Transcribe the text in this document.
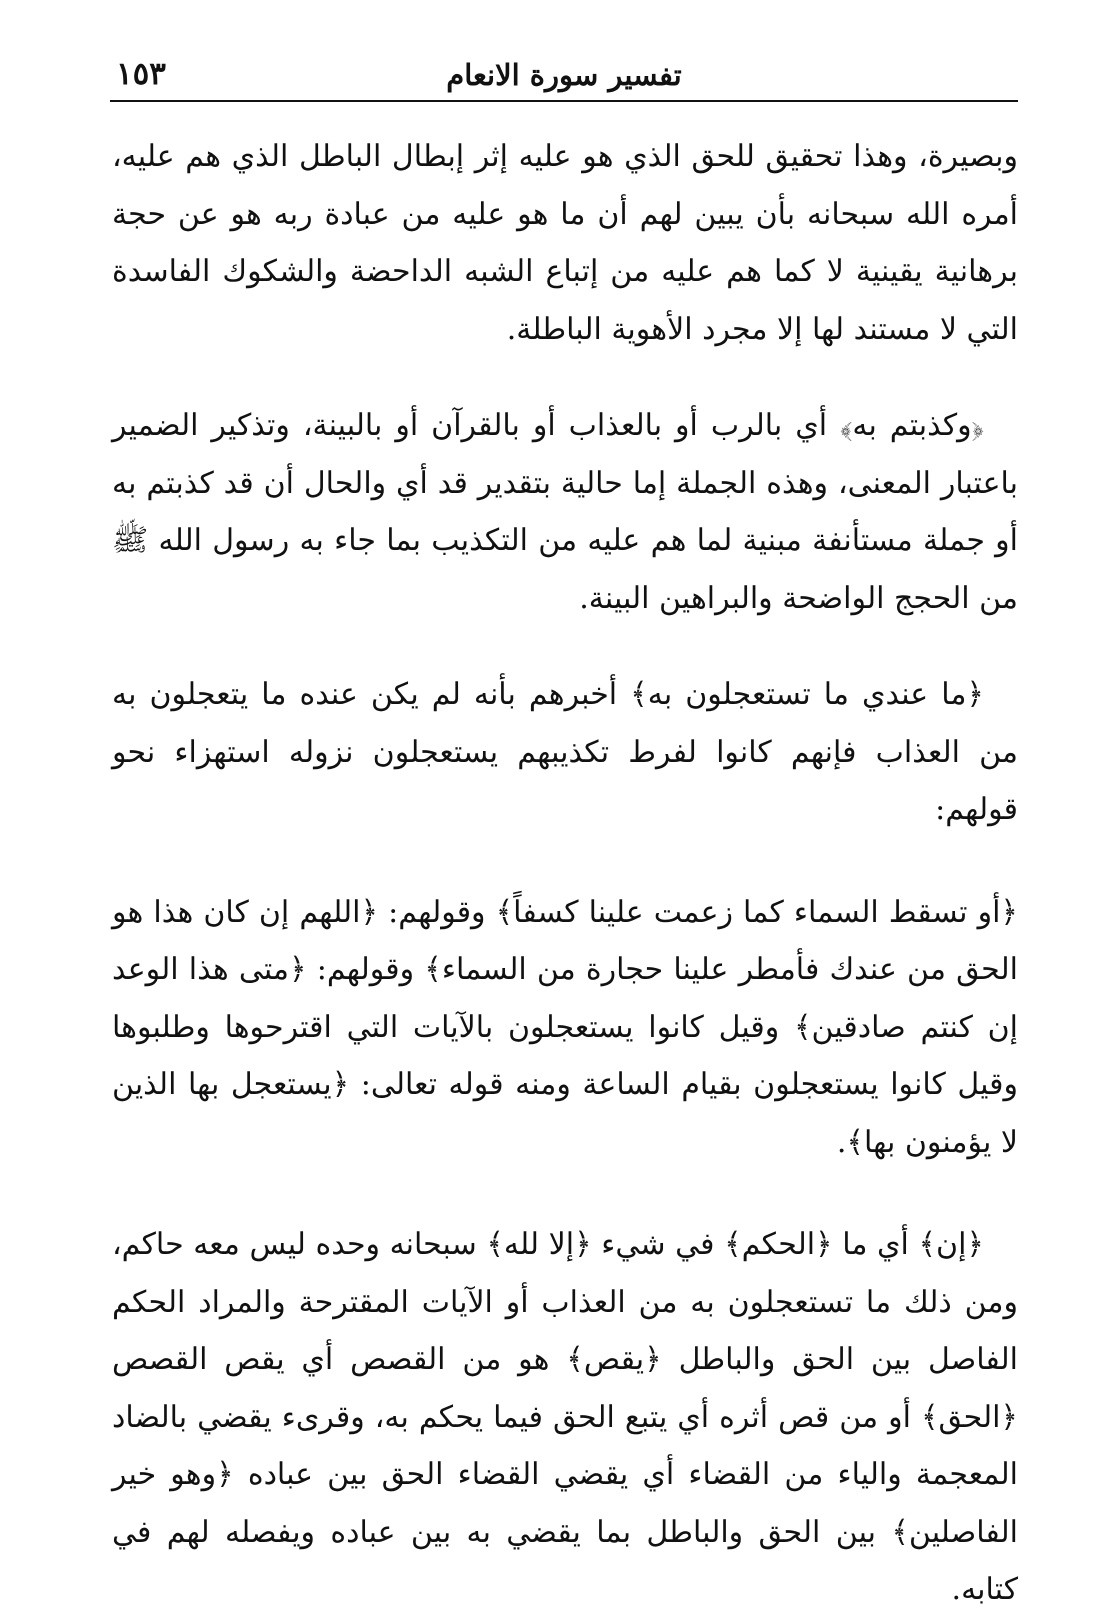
تفسير سورة الانعام
١٥٣

وبصيرة، وهذا تحقيق للحق الذي هو عليه إثر إبطال الباطل الذي هم عليه، أمره الله سبحانه بأن يبين لهم أن ما هو عليه من عبادة ربه هو عن حجة برهانية يقينية لا كما هم عليه من إتباع الشبه الداحضة والشكوك الفاسدة التي لا مستند لها إلا مجرد الأهوية الباطلة.

﴿وكذبتم به﴾ أي بالرب أو بالعذاب أو بالقرآن أو بالبينة، وتذكير الضمير باعتبار المعنى، وهذه الجملة إما حالية بتقدير قد أي والحال أن قد كذبتم به أو جملة مستأنفة مبنية لما هم عليه من التكذيب بما جاء به رسول الله ﷺ من الحجج الواضحة والبراهين البينة.

﴿ما عندي ما تستعجلون به﴾ أخبرهم بأنه لم يكن عنده ما يتعجلون به من العذاب فإنهم كانوا لفرط تكذيبهم يستعجلون نزوله استهزاء نحو قولهم:

﴿أو تسقط السماء كما زعمت علينا كسفاً﴾ وقولهم: ﴿اللهم إن كان هذا هو الحق من عندك فأمطر علينا حجارة من السماء﴾ وقولهم: ﴿متى هذا الوعد إن كنتم صادقين﴾ وقيل كانوا يستعجلون بالآيات التي اقترحوها وطلبوها وقيل كانوا يستعجلون بقيام الساعة ومنه قوله تعالى: ﴿يستعجل بها الذين لا يؤمنون بها﴾.

﴿إن﴾ أي ما ﴿الحكم﴾ في شيء ﴿إلا لله﴾ سبحانه وحده ليس معه حاكم، ومن ذلك ما تستعجلون به من العذاب أو الآيات المقترحة والمراد الحكم الفاصل بين الحق والباطل ﴿يقص﴾ هو من القصص أي يقص القصص ﴿الحق﴾ أو من قص أثره أي يتبع الحق فيما يحكم به، وقرىء يقضي بالضاد المعجمة والياء من القضاء أي يقضي القضاء الحق بين عباده ﴿وهو خير الفاصلين﴾ بين الحق والباطل بما يقضي به بين عباده ويفصله لهم في كتابه.
